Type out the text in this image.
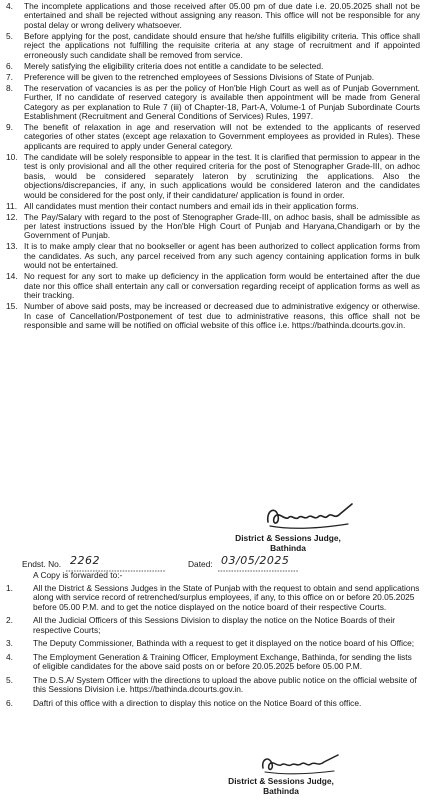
4.	The incomplete applications and those received after 05.00 pm of due date i.e. 20.05.2025 shall not be entertained and shall be rejected without assigning any reason. This office will not be responsible for any postal delay or wrong delivery whatsoever.
5.	Before applying for the post, candidate should ensure that he/she fulfills eligibility criteria. This office shall reject the applications not fulfilling the requisite criteria at any stage of recruitment and if appointed erroneously such candidate shall be removed from service.
6.	Merely satisfying the eligibility criteria does not entitle a candidate to be selected.
7.	Preference will be given to the retrenched employees of Sessions Divisions of State of Punjab.
8.	The reservation of vacancies is as per the policy of Hon'ble High Court as well as of Punjab Government. Further, If no candidate of reserved category is available then appointment will be made from General Category as per explanation to Rule 7 (iii) of Chapter-18, Part-A, Volume-1 of Punjab Subordinate Courts Establishment (Recruitment and General Conditions of Services) Rules, 1997.
9.	The benefit of relaxation in age and reservation will not be extended to the applicants of reserved categories of other states (except age relaxation to Government employees as provided in Rules). These applicants are required to apply under General category.
10. The candidate will be solely responsible to appear in the test. It is clarified that permission to appear in the test is only provisional and all the other required criteria for the post of Stenographer Grade-III, on adhoc basis, would be considered separately lateron by scrutinizing the applications. Also the objections/discrepancies, if any, in such applications would be considered lateron and the candidates would be considered for the post only, if their candidature/ application is found in order.
11. All candidates must mention their contact numbers and email ids in their application forms.
12. The Pay/Salary with regard to the post of Stenographer Grade-III, on adhoc basis, shall be admissible as per latest instructions issued by the Hon'ble High Court of Punjab and Haryana,Chandigarh or by the Government of Punjab.
13. It is to make amply clear that no bookseller or agent has been authorized to collect application forms from the candidates. As such, any parcel received from any such agency containing application forms in bulk would not be entertained.
14. No request for any sort to make up deficiency in the application form would be entertained after the due date nor this office shall entertain any call or conversation regarding receipt of application forms as well as their tracking.
15. Number of above said posts, may be increased or decreased due to administrative exigency or otherwise. In case of Cancellation/Postponement of test due to administrative reasons, this office shall not be responsible and same will be notified on official website of this office i.e. https://bathinda.dcourts.gov.in.
District & Sessions Judge,
Bathinda
Endst. No. 2262	Dated: 03/05/2025
A Copy is forwarded to:-
1.	All the District & Sessions Judges in the State of Punjab with the request to obtain and send applications along with service record of retrenched/surplus employees, if any, to this office on or before 20.05.2025 before 05.00 P.M. and to get the notice displayed on the notice board of their respective Courts.
2.	All the Judicial Officers of this Sessions Division to display the notice on the Notice Boards of their respective Courts;
3.	The Deputy Commissioner, Bathinda with a request to get it displayed on the notice board of his Office;
4.	The Employment Generation & Training Officer, Employment Exchange, Bathinda, for sending the lists of eligible candidates for the above said posts on or before 20.05.2025 before 05.00 P.M.
5.	The D.S.A/ System Officer with the directions to upload the above public notice on the official website of this Sessions Division i.e. https://bathinda.dcourts.gov.in.
6.	Daftri of this office with a direction to display this notice on the Notice Board of this office.
District & Sessions Judge,
Bathinda
